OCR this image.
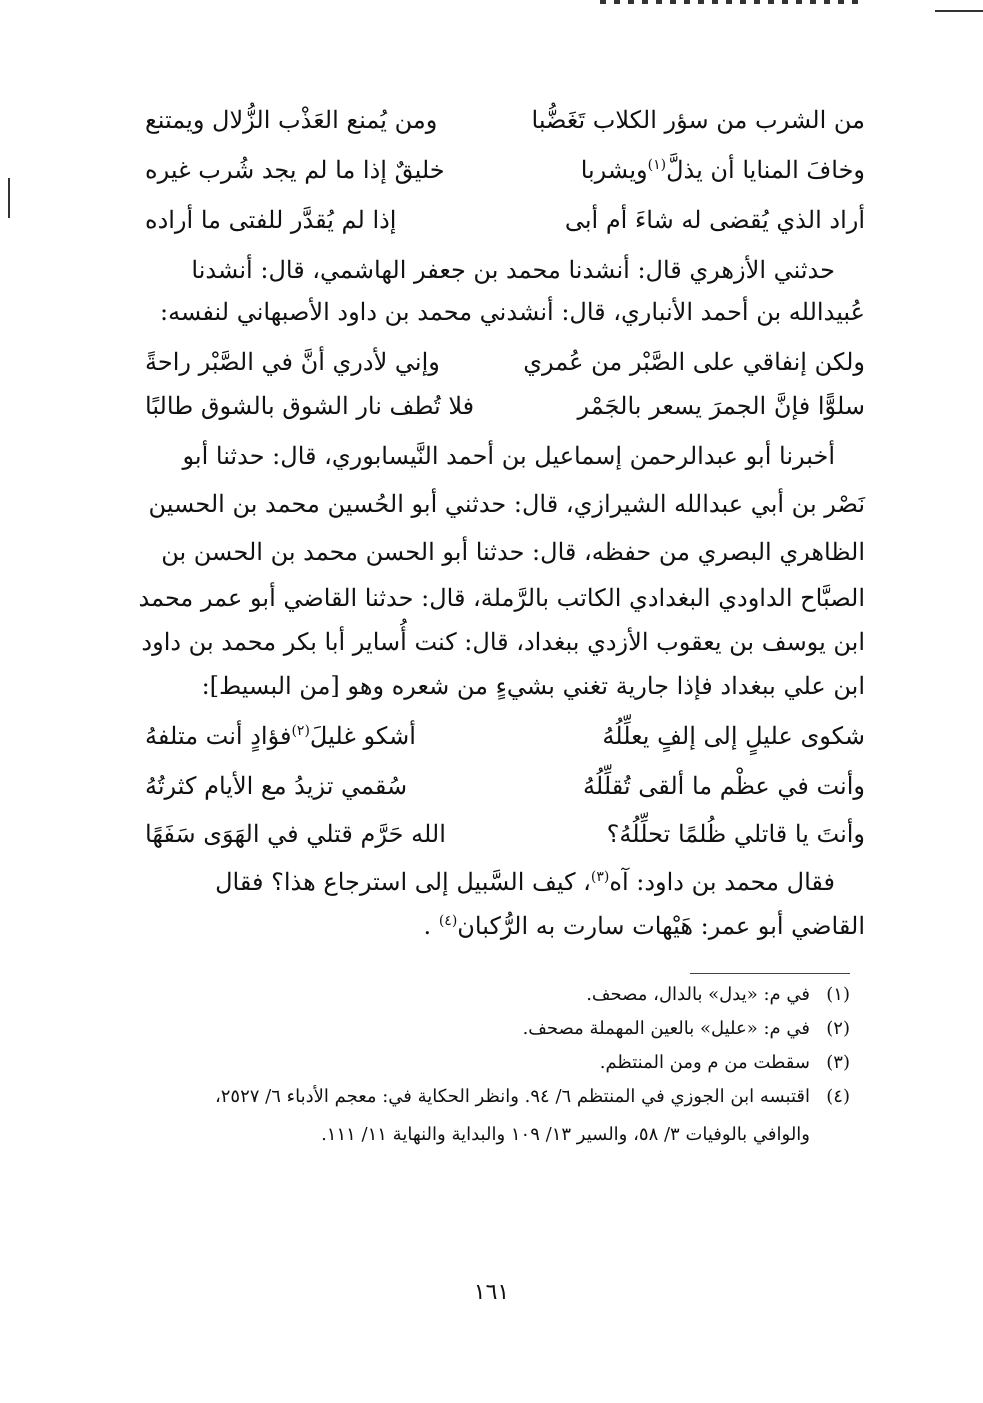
من الشرب من سؤر الكلاب تَغَضُّبا
ومن يُمنع العَذْب الزُّلال ويمتنع
وخافَ المنايا أن يذلَّ$^{(١)}$ويشربا
خليقٌ إذا ما لم يجد شُرب غيره
أراد الذي يُقضى له شاءَ أم أبى
إذا لم يُقدَّر للفتى ما أراده
حدثني الأزهري قال: أنشدنا محمد بن جعفر الهاشمي، قال: أنشدنا
عُبيدالله بن أحمد الأنباري، قال: أنشدني محمد بن داود الأصبهاني لنفسه:
ولكن إنفاقي على الصَّبْر من عُمري
وإني لأدري أنَّ في الصَّبْر راحةً
سلوًّا فإنَّ الجمرَ يسعر بالجَمْر
فلا تُطف نار الشوق بالشوق طالبًا
أخبرنا أبو عبدالرحمن إسماعيل بن أحمد النَّيسابوري، قال: حدثنا أبو
نَصْر بن أبي عبدالله الشيرازي، قال: حدثني أبو الحُسين محمد بن الحسين
الظاهري البصري من حفظه، قال: حدثنا أبو الحسن محمد بن الحسن بن
الصبَّاح الداودي البغدادي الكاتب بالرَّملة، قال: حدثنا القاضي أبو عمر محمد
ابن يوسف بن يعقوب الأزدي ببغداد، قال: كنت أُساير أبا بكر محمد بن داود
ابن علي ببغداد فإذا جارية تغني بشيءٍ من شعره وهو [من البسيط]:
شكوى عليلٍ إلى إلفٍ يعلِّلُهُ
أشكو غليلَ$^{(٢)}$فؤادٍ أنت متلفهُ
وأنت في عظْم ما ألقى تُقلِّلُهُ
سُقمي تزيدُ مع الأيام كثرتُهُ
وأنتَ يا قاتلي ظُلمًا تحلِّلُهُ؟
الله حَرَّم قتلي في الهَوَى سَفَهًا
فقال محمد بن داود: آه$^{(٣)}$، كيف السَّبيل إلى استرجاع هذا؟ فقال
القاضي أبو عمر: هَيْهات سارت به الرُّكبان$^{(٤)}$ .
(١)في م: «يدل» بالدال، مصحف.
(٢)في م: «عليل» بالعين المهملة مصحف.
(٣)سقطت من م ومن المنتظم.
(٤)اقتبسه ابن الجوزي في المنتظم ٦/ ٩٤. وانظر الحكاية في: معجم الأدباء ٦/ ٢٥٢٧،
والوافي بالوفيات ٣/ ٥٨، والسير ١٣/ ١٠٩ والبداية والنهاية ١١/ ١١١.
١٦١
